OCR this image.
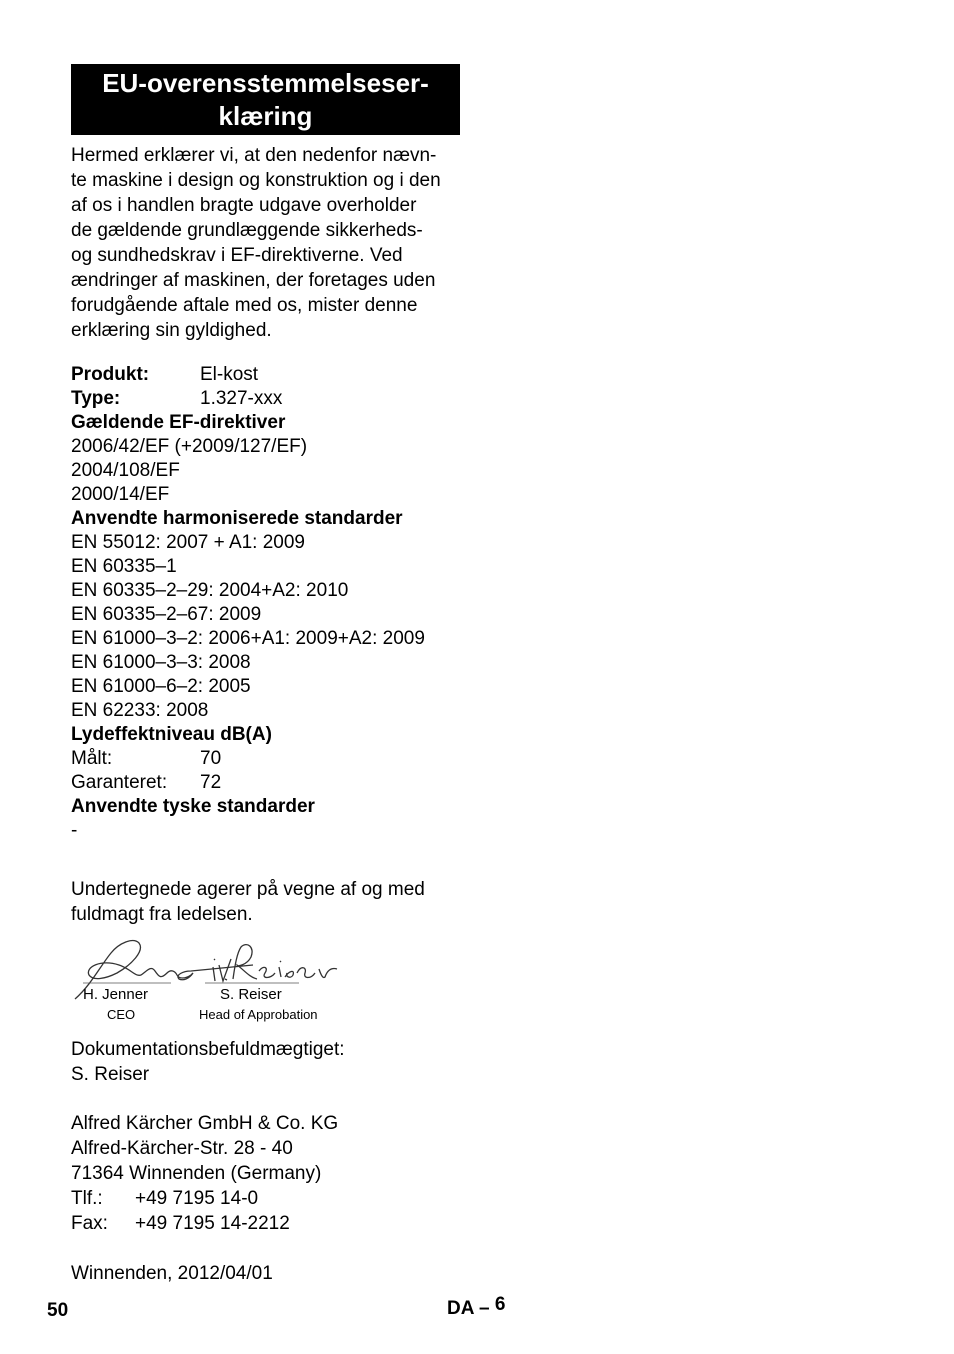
EU-overensstemmelseser-
klæring
Hermed erklærer vi, at den nedenfor nævn-
te maskine i design og konstruktion og i den
af os i handlen bragte udgave overholder
de gældende grundlæggende sikkerheds-
og sundhedskrav i EF-direktiverne. Ved
ændringer af maskinen, der foretages uden
forudgående aftale med os, mister denne
erklæring sin gyldighed.
Produkt:	El-kost
Type:	1.327-xxx
Gældende EF-direktiver
2006/42/EF (+2009/127/EF)
2004/108/EF
2000/14/EF
Anvendte harmoniserede standarder
EN 55012: 2007 + A1: 2009
EN 60335–1
EN 60335–2–29: 2004+A2: 2010
EN 60335–2–67: 2009
EN 61000–3–2: 2006+A1: 2009+A2: 2009
EN 61000–3–3: 2008
EN 61000–6–2: 2005
EN 62233: 2008
Lydeffektniveau dB(A)
Målt:	70
Garanteret:	72
Anvendte tyske standarder
-
Undertegnede agerer på vegne af og med
fuldmagt fra ledelsen.
H. Jenner
CEO
S. Reiser
Head of Approbation
Dokumentationsbefuldmægtiget:
S. Reiser
Alfred Kärcher GmbH & Co. KG
Alfred-Kärcher-Str. 28 - 40
71364 Winnenden (Germany)
Tlf.:	+49 7195 14-0
Fax:	+49 7195 14-2212
Winnenden, 2012/04/01
50	DA – 6
